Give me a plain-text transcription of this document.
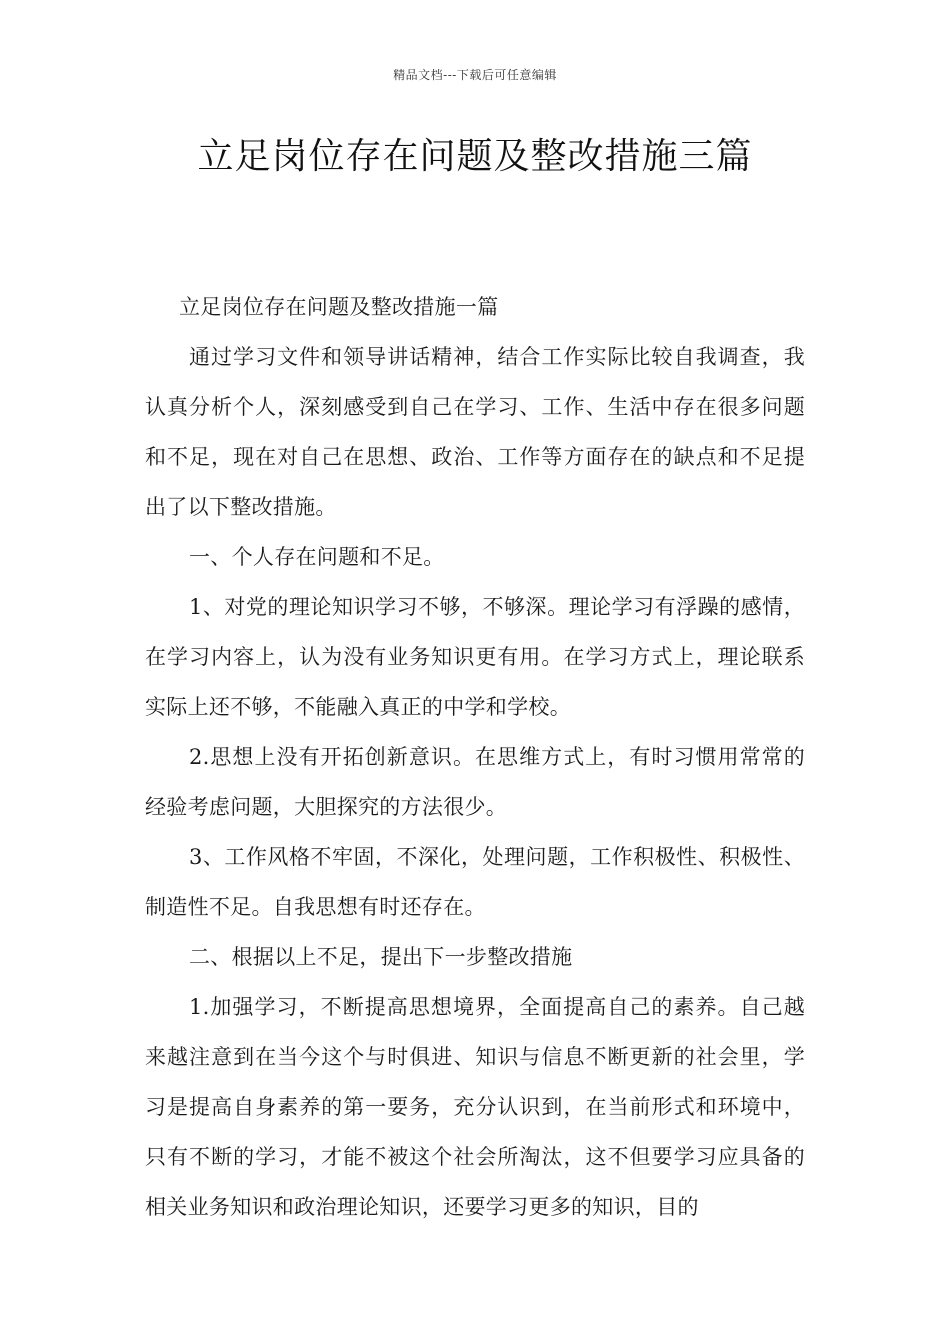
精品文档---下载后可任意编辑
立足岗位存在问题及整改措施三篇

立足岗位存在问题及整改措施一篇

通过学习文件和领导讲话精神，结合工作实际比较自我调查，我认真分析个人，深刻感受到自己在学习、工作、生活中存在很多问题和不足，现在对自己在思想、政治、工作等方面存在的缺点和不足提出了以下整改措施。

一、个人存在问题和不足。

1、对党的理论知识学习不够，不够深。理论学习有浮躁的感情，在学习内容上，认为没有业务知识更有用。在学习方式上，理论联系实际上还不够，不能融入真正的中学和学校。

2.思想上没有开拓创新意识。在思维方式上，有时习惯用常常的经验考虑问题，大胆探究的方法很少。

3、工作风格不牢固，不深化，处理问题，工作积极性、积极性、制造性不足。自我思想有时还存在。

二、根据以上不足，提出下一步整改措施

1.加强学习，不断提高思想境界，全面提高自己的素养。自己越来越注意到在当今这个与时俱进、知识与信息不断更新的社会里，学习是提高自身素养的第一要务，充分认识到，在当前形式和环境中，只有不断的学习，才能不被这个社会所淘汰，这不但要学习应具备的相关业务知识和政治理论知识，还要学习更多的知识，目的
